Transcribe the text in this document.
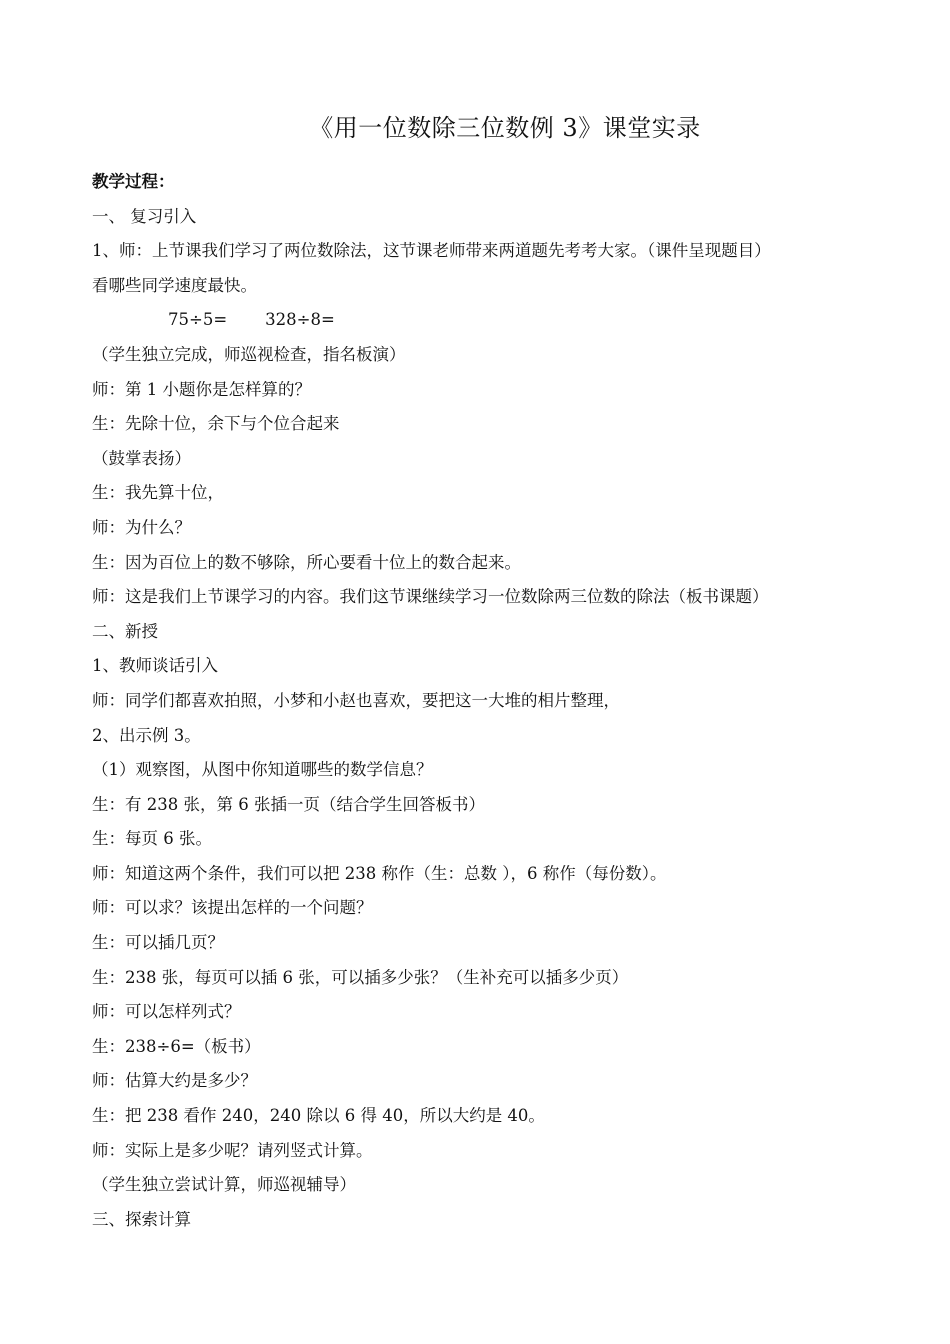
《用一位数除三位数例 3》课堂实录
教学过程：
一、 复习引入
1、师：上节课我们学习了两位数除法，这节课老师带来两道题先考考大家。（课件呈现题目）
看哪些同学速度最快。
75÷5= 328÷8=
（学生独立完成，师巡视检查，指名板演）
师：第 1 小题你是怎样算的？
生：先除十位，余下与个位合起来
（鼓掌表扬）
生：我先算十位，
师：为什么？
生：因为百位上的数不够除，所心要看十位上的数合起来。
师：这是我们上节课学习的内容。我们这节课继续学习一位数除两三位数的除法（板书课题）
二、新授
1、教师谈话引入
师：同学们都喜欢拍照，小梦和小赵也喜欢，要把这一大堆的相片整理，
2、出示例 3。
（1）观察图，从图中你知道哪些的数学信息？
生：有 238 张，第 6 张插一页（结合学生回答板书）
生：每页 6 张。
师：知道这两个条件，我们可以把 238 称作（生：总数 ），6 称作（每份数）。
师：可以求？该提出怎样的一个问题？
生：可以插几页？
生：238 张，每页可以插 6 张，可以插多少张？（生补充可以插多少页）
师：可以怎样列式？
生：238÷6=（板书）
师：估算大约是多少？
生：把 238 看作 240，240 除以 6 得 40，所以大约是 40。
师：实际上是多少呢？请列竖式计算。
（学生独立尝试计算，师巡视辅导）
三、探索计算
